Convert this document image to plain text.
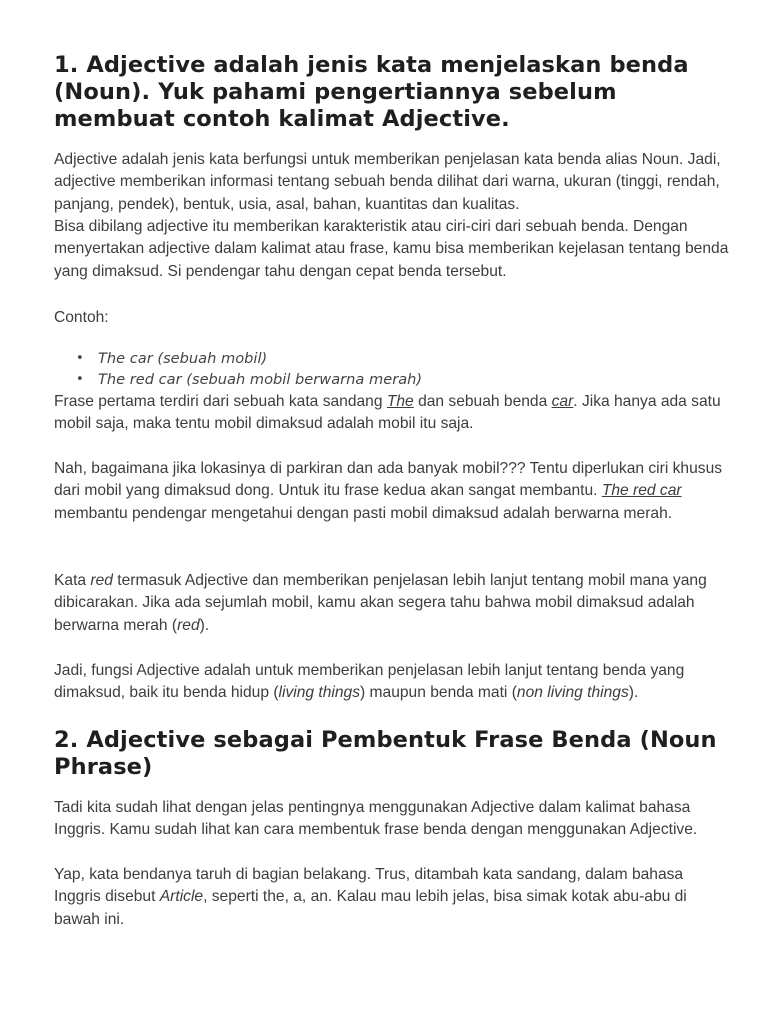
1. Adjective adalah jenis kata menjelaskan benda (Noun). Yuk pahami pengertiannya sebelum membuat contoh kalimat Adjective.

Adjective adalah jenis kata berfungsi untuk memberikan penjelasan kata benda alias Noun. Jadi, adjective memberikan informasi tentang sebuah benda dilihat dari warna, ukuran (tinggi, rendah, panjang, pendek), bentuk, usia, asal, bahan, kuantitas dan kualitas.

Bisa dibilang adjective itu memberikan karakteristik atau ciri-ciri dari sebuah benda. Dengan menyertakan adjective dalam kalimat atau frase, kamu bisa memberikan kejelasan tentang benda yang dimaksud. Si pendengar tahu dengan cepat benda tersebut.

Contoh:

• The car (sebuah mobil)
• The red car (sebuah mobil berwarna merah)

Frase pertama terdiri dari sebuah kata sandang The dan sebuah benda car. Jika hanya ada satu mobil saja, maka tentu mobil dimaksud adalah mobil itu saja.

Nah, bagaimana jika lokasinya di parkiran dan ada banyak mobil??? Tentu diperlukan ciri khusus dari mobil yang dimaksud dong. Untuk itu frase kedua akan sangat membantu. The red car membantu pendengar mengetahui dengan pasti mobil dimaksud adalah berwarna merah.

Kata red termasuk Adjective dan memberikan penjelasan lebih lanjut tentang mobil mana yang dibicarakan. Jika ada sejumlah mobil, kamu akan segera tahu bahwa mobil dimaksud adalah berwarna merah (red).

Jadi, fungsi Adjective adalah untuk memberikan penjelasan lebih lanjut tentang benda yang dimaksud, baik itu benda hidup (living things) maupun benda mati (non living things).

2. Adjective sebagai Pembentuk Frase Benda (Noun Phrase)

Tadi kita sudah lihat dengan jelas pentingnya menggunakan Adjective dalam kalimat bahasa Inggris. Kamu sudah lihat kan cara membentuk frase benda dengan menggunakan Adjective.

Yap, kata bendanya taruh di bagian belakang. Trus, ditambah kata sandang, dalam bahasa Inggris disebut Article, seperti the, a, an. Kalau mau lebih jelas, bisa simak kotak abu-abu di bawah ini.
